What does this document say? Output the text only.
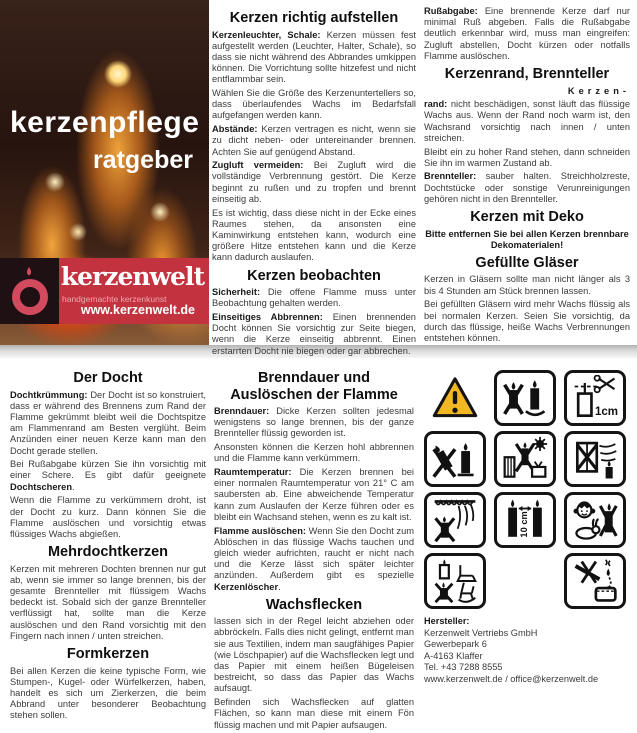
kerzenpflege
ratgeber
kerzenwelt
handgemachte kerzenkunst
www.kerzenwelt.de
Kerzen richtig aufstellen

Kerzenleuchter, Schale: Kerzen müssen fest aufgestellt werden (Leuchter, Halter, Schale), so dass sie nicht während des Abbrandes umkippen können. Die Vorrichtung sollte hitzefest und nicht entflammbar sein.

Wählen Sie die Größe des Kerzenuntertellers so, dass überlaufendes Wachs im Bedarfsfall aufgefangen werden kann.

Abstände: Kerzen vertragen es nicht, wenn sie zu dicht neben- oder untereinander brennen. Achten Sie auf genügend Abstand.

Zugluft vermeiden: Bei Zugluft wird die vollständige Verbrennung gestört. Die Kerze beginnt zu rußen und zu tropfen und brennt einseitig ab.

Es ist wichtig, dass diese nicht in der Ecke eines Raumes stehen, da ansonsten eine Kaminwirkung entstehen kann, wodurch eine größere Hitze entstehen kann und die Kerze kann dadurch auslaufen.

Kerzen beobachten

Sicherheit: Die offene Flamme muss unter Beobachtung gehalten werden.

Einseitiges Abbrennen: Einen brennenden Docht können Sie vorsichtig zur Seite biegen, wenn die Kerze einseitig abbrennt. Einen erstarrten Docht nie biegen oder gar abbrechen.

Rußabgabe: Eine brennende Kerze darf nur minimal Ruß abgeben. Falls die Rußabgabe deutlich erkennbar wird, muss man eingreifen: Zugluft abstellen, Docht kürzen oder notfalls Flamme auslöschen.

Kerzenrand, Brennteller

Kerzen-

rand: nicht beschädigen, sonst läuft das flüssige Wachs aus. Wenn der Rand noch warm ist, den Wachsrand vorsichtig nach innen / unten streichen.

Bleibt ein zu hoher Rand stehen, dann schneiden Sie ihn im warmen Zustand ab.

Brennteller: sauber halten. Streichholzreste, Dochtstücke oder sonstige Verunreinigungen gehören nicht in den Brennteller.

Kerzen mit Deko

Bitte entfernen Sie bei allen Kerzen brennbare Dekomaterialen!

Gefüllte Gläser

Kerzen in Gläsern sollte man nicht länger als 3 bis 4 Stunden am Stück brennen lassen.

Bei gefüllten Gläsern wird mehr Wachs flüssig als bei normalen Kerzen. Seien Sie vorsichtig, da durch das flüssige, heiße Wachs Verbrennungen entstehen können.

Der Docht

Dochtkrümmung: Der Docht ist so konstruiert, dass er während des Brennens zum Rand der Flamme gekrümmt bleibt weil die Dochtspitze am Flammenrand am Besten verglüht. Beim Anzünden einer neuen Kerze kann man den Docht gerade stellen.

Bei Rußabgabe kürzen Sie ihn vorsichtig mit einer Schere. Es gibt dafür geeignete Dochtscheren.

Wenn die Flamme zu verkümmern droht, ist der Docht zu kurz. Dann können Sie die Flamme auslöschen und vorsichtig etwas flüssiges Wachs abgießen.

Mehrdochtkerzen

Kerzen mit mehreren Dochten brennen nur gut ab, wenn sie immer so lange brennen, bis der gesamte Brennteller mit flüssigem Wachs bedeckt ist. Sobald sich der ganze Brennteller verflüssigt hat, sollte man die Kerze auslöschen und den Rand vorsichtig mit den Fingern nach innen / unten streichen.

Formkerzen

Bei allen Kerzen die keine typische Form, wie Stumpen-, Kugel- oder Würfelkerzen, haben, handelt es sich um Zierkerzen, die beim Abbrand unter besonderer Beobachtung stehen sollen.

Brenndauer und
Auslöschen der Flamme

Brenndauer: Dicke Kerzen sollten jedesmal wenigstens so lange brennen, bis der ganze Brennteller flüssig geworden ist.

Ansonsten können die Kerzen hohl abbrennen und die Flamme kann verkümmern.

Raumtemperatur: Die Kerzen brennen bei einer normalen Raumtemperatur von 21° C am saubersten ab. Eine abweichende Temperatur kann zum Auslaufen der Kerze führen oder es bleibt ein Wachsand stehen, wenn es zu kalt ist.

Flamme auslöschen: Wenn Sie den Docht zum Ablöschen in das flüssige Wachs tauchen und gleich wieder aufrichten, raucht er nicht nach und die Kerze lässt sich später leichter anzünden. Außerdem gibt es spezielle Kerzenlöscher.

Wachsflecken

lassen sich in der Regel leicht abziehen oder abbröckeln. Falls dies nicht gelingt, entfernt man sie aus Textilien, indem man saugfähiges Papier (wie Löschpapier) auf die Wachsflecken legt und das Papier mit einem heißen Bügeleisen bestreicht, so dass das Papier das Wachs aufsaugt.

Befinden sich Wachsflecken auf glatten Flächen, so kann man diese mit einem Fön flüssig machen und mit Papier aufsaugen.

1cm
10 cm
Hersteller:
Kerzenwelt Vertriebs GmbH
Gewerbepark 6
A-4163 Klaffer
Tel. +43 7288 8555
www.kerzenwelt.de / office@kerzenwelt.de
